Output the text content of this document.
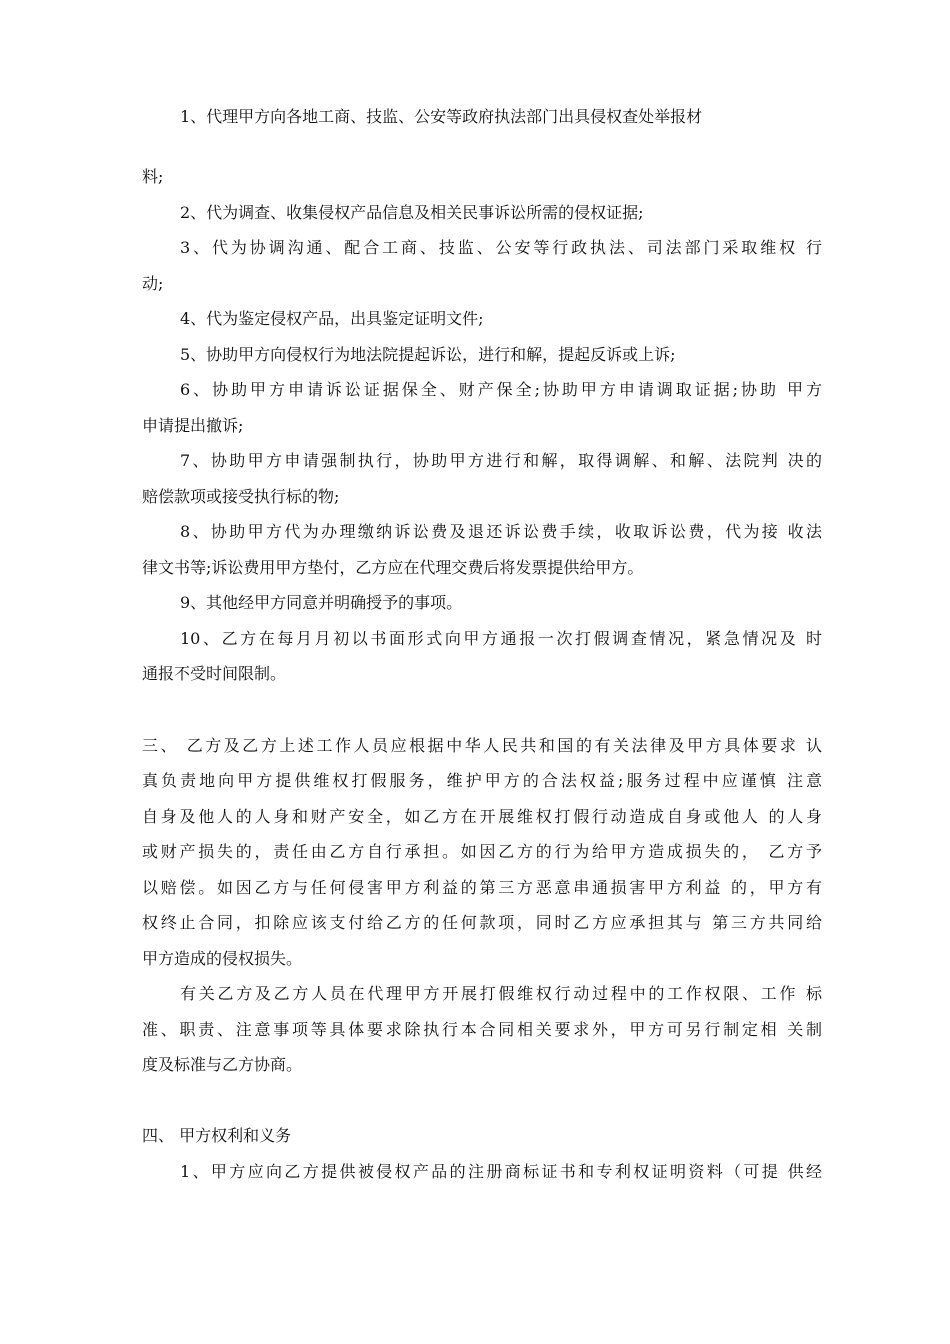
1、代理甲方向各地工商、技监、公安等政府执法部门出具侵权查处举报材
料;
2、代为调查、收集侵权产品信息及相关民事诉讼所需的侵权证据;
3、代为协调沟通、配合工商、技监、公安等行政执法、司法部门采取维权 行
动;
4、代为鉴定侵权产品，出具鉴定证明文件;
5、协助甲方向侵权行为地法院提起诉讼，进行和解，提起反诉或上诉;
6、协助甲方申请诉讼证据保全、财产保全;协助甲方申请调取证据;协助 甲方
申请提出撤诉;
7、协助甲方申请强制执行，协助甲方进行和解，取得调解、和解、法院判 决的
赔偿款项或接受执行标的物;
8、协助甲方代为办理缴纳诉讼费及退还诉讼费手续，收取诉讼费，代为接 收法
律文书等;诉讼费用甲方垫付，乙方应在代理交费后将发票提供给甲方。
9、其他经甲方同意并明确授予的事项。
10、乙方在每月月初以书面形式向甲方通报一次打假调查情况，紧急情况及 时
通报不受时间限制。
三、 乙方及乙方上述工作人员应根据中华人民共和国的有关法律及甲方具体要求 认
真负责地向甲方提供维权打假服务，维护甲方的合法权益;服务过程中应谨慎 注意
自身及他人的人身和财产安全，如乙方在开展维权打假行动造成自身或他人 的人身
或财产损失的，责任由乙方自行承担。如因乙方的行为给甲方造成损失的， 乙方予
以赔偿。如因乙方与任何侵害甲方利益的第三方恶意串通损害甲方利益 的，甲方有
权终止合同，扣除应该支付给乙方的任何款项，同时乙方应承担其与 第三方共同给
甲方造成的侵权损失。
有关乙方及乙方人员在代理甲方开展打假维权行动过程中的工作权限、工作 标
准、职责、注意事项等具体要求除执行本合同相关要求外，甲方可另行制定相 关制
度及标准与乙方协商。
四、 甲方权利和义务
1、甲方应向乙方提供被侵权产品的注册商标证书和专利权证明资料（可提 供经
